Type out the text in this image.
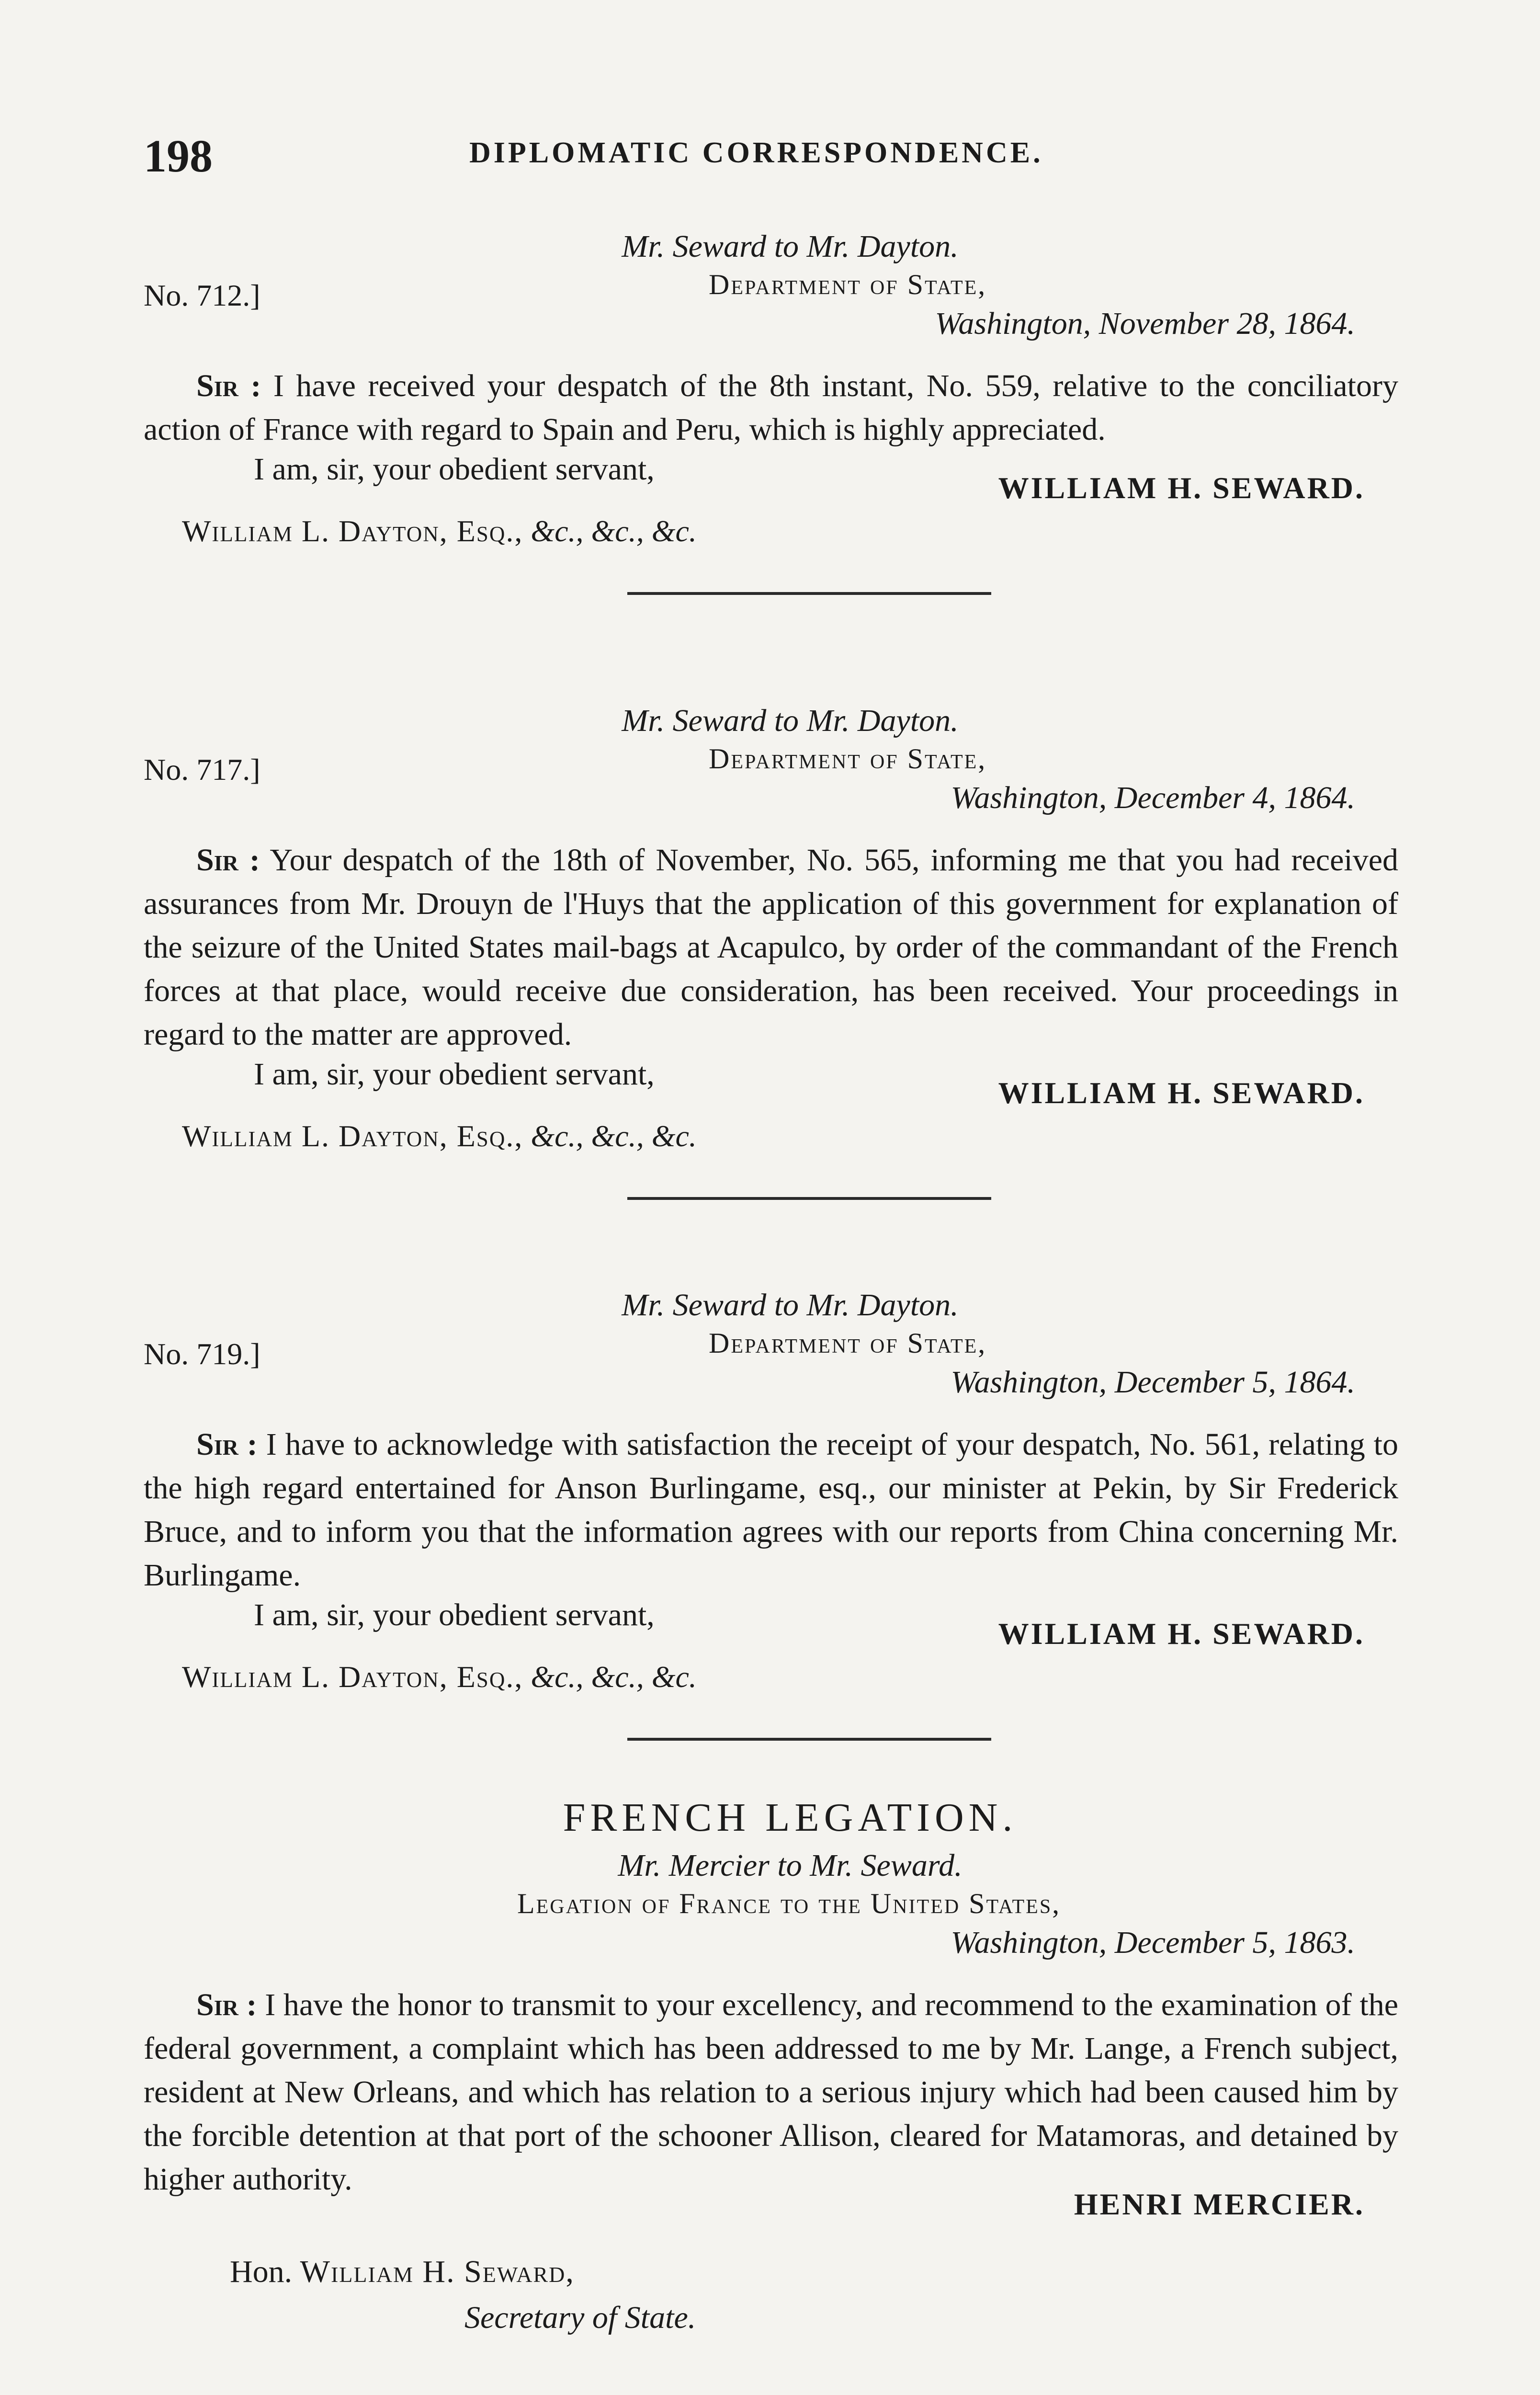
198	DIPLOMATIC CORRESPONDENCE.
Mr. Seward to Mr. Dayton.
No. 712.]	Department of State,
Washington, November 28, 1864.

Sir : I have received your despatch of the 8th instant, No. 559, relative to the conciliatory action of France with regard to Spain and Peru, which is highly appreciated.

I am, sir, your obedient servant,
WILLIAM H. SEWARD.
William L. Dayton, Esq., &c., &c., &c.
Mr. Seward to Mr. Dayton.
No. 717.]	Department of State,
Washington, December 4, 1864.

Sir : Your despatch of the 18th of November, No. 565, informing me that you had received assurances from Mr. Drouyn de l'Huys that the application of this government for explanation of the seizure of the United States mail-bags at Acapulco, by order of the commandant of the French forces at that place, would receive due consideration, has been received. Your proceedings in regard to the matter are approved.

I am, sir, your obedient servant,
WILLIAM H. SEWARD.
William L. Dayton, Esq., &c., &c., &c.
Mr. Seward to Mr. Dayton.
No. 719.]	Department of State,
Washington, December 5, 1864.

Sir : I have to acknowledge with satisfaction the receipt of your despatch, No. 561, relating to the high regard entertained for Anson Burlingame, esq., our minister at Pekin, by Sir Frederick Bruce, and to inform you that the information agrees with our reports from China concerning Mr. Burlingame.

I am, sir, your obedient servant,
WILLIAM H. SEWARD.
William L. Dayton, Esq., &c., &c., &c.
FRENCH LEGATION.
Mr. Mercier to Mr. Seward.
Legation of France to the United States,
Washington, December 5, 1863.

Sir : I have the honor to transmit to your excellency, and recommend to the examination of the federal government, a complaint which has been addressed to me by Mr. Lange, a French subject, resident at New Orleans, and which has relation to a serious injury which had been caused him by the forcible detention at that port of the schooner Allison, cleared for Matamoras, and detained by higher authority.

HENRI MERCIER.
Hon. William H. Seward,
Secretary of State.
